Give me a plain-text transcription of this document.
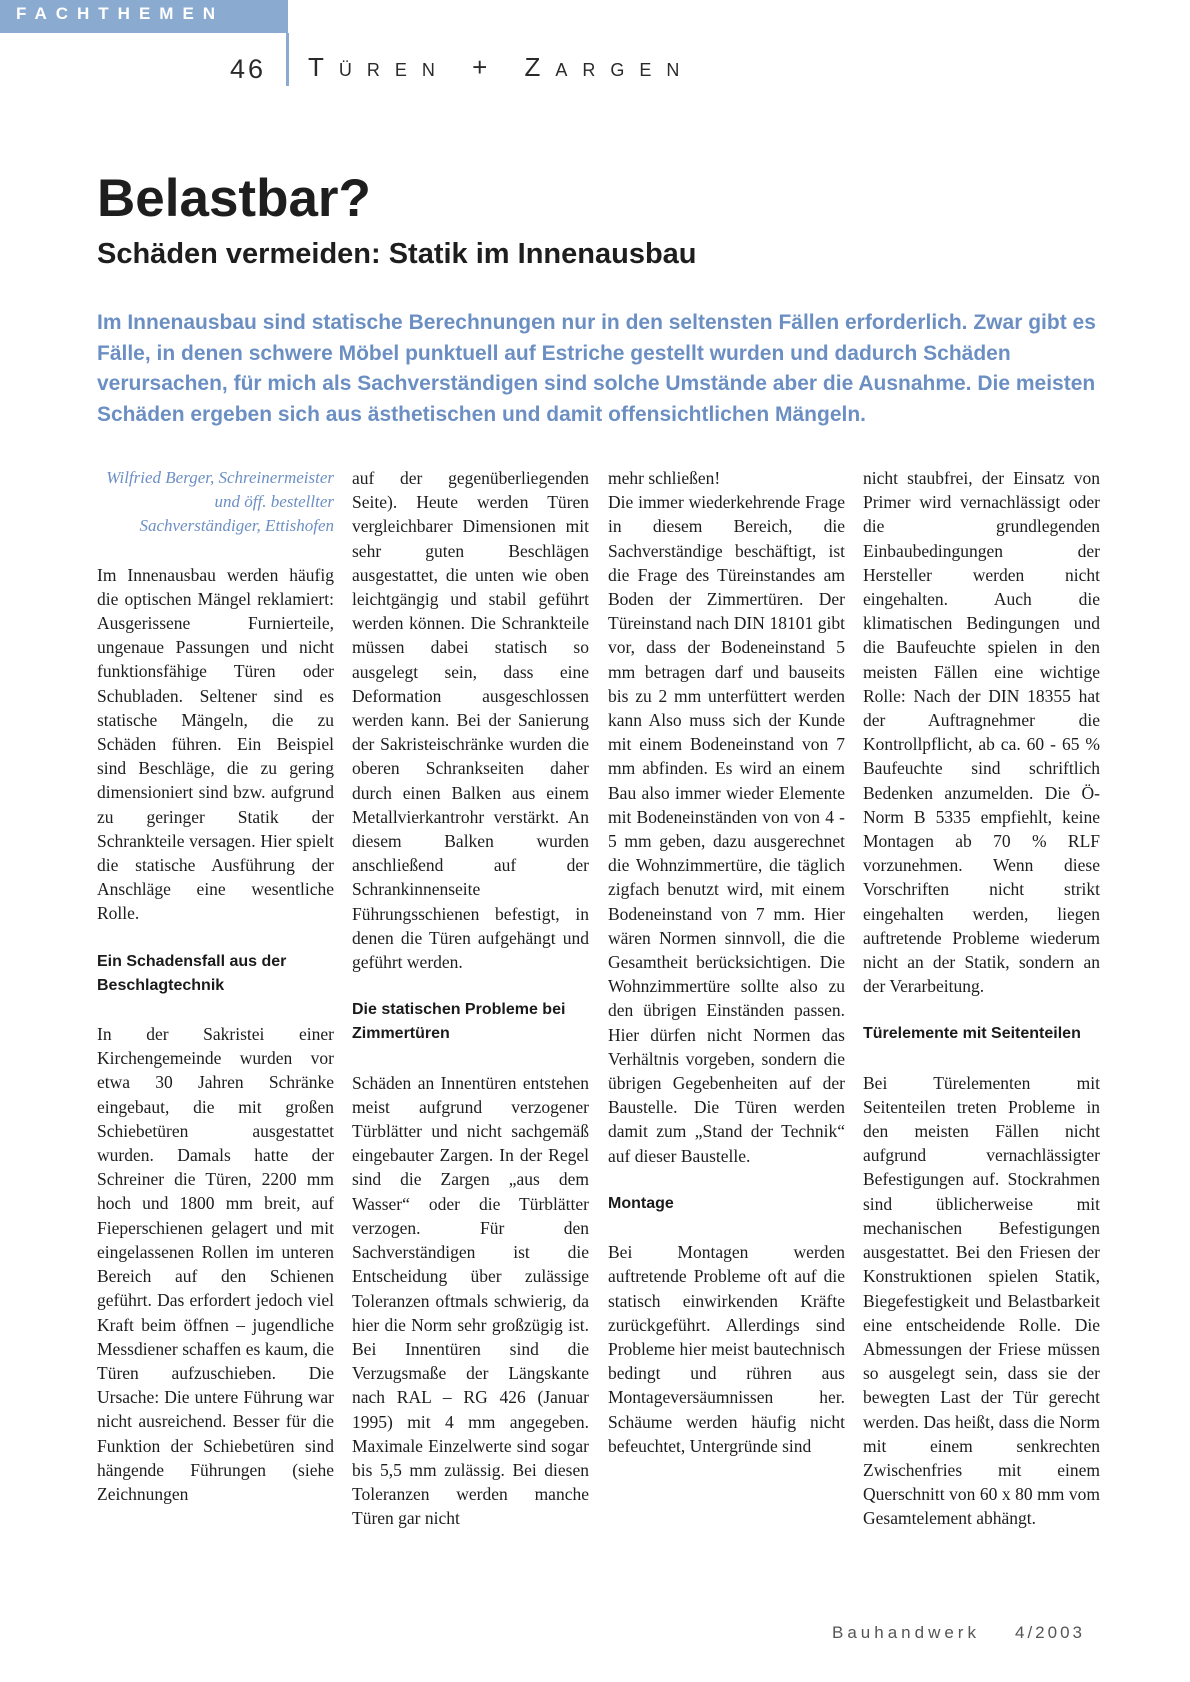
FACHTHEMEN
46 Türen + Zargen
Belastbar?
Schäden vermeiden: Statik im Innenausbau

Im Innenausbau sind statische Berechnungen nur in den seltensten Fällen erforderlich. Zwar gibt es Fälle, in denen schwere Möbel punktuell auf Estriche gestellt wurden und dadurch Schäden verursachen, für mich als Sachverständigen sind solche Umstände aber die Ausnahme. Die meisten Schäden ergeben sich aus ästhetischen und damit offensichtlichen Mängeln.

Wilfried Berger, Schreinermeister und öff. bestellter Sachverständiger, Ettishofen

Im Innenausbau werden häufig die optischen Mängel reklamiert: Ausgerissene Furnierteile, ungenaue Passungen und nicht funktionsfähige Türen oder Schubladen. Seltener sind es statische Mängeln, die zu Schäden führen. Ein Beispiel sind Beschläge, die zu gering dimensioniert sind bzw. aufgrund zu geringer Statik der Schrankteile versagen. Hier spielt die statische Ausführung der Anschläge eine wesentliche Rolle.

Ein Schadensfall aus der Beschlagtechnik

In der Sakristei einer Kirchengemeinde wurden vor etwa 30 Jahren Schränke eingebaut, die mit großen Schiebetüren ausgestattet wurden. Damals hatte der Schreiner die Türen, 2200 mm hoch und 1800 mm breit, auf Fieperschienen gelagert und mit eingelassenen Rollen im unteren Bereich auf den Schienen geführt. Das erfordert jedoch viel Kraft beim öffnen – jugendliche Messdiener schaffen es kaum, die Türen aufzuschieben. Die Ursache: Die untere Führung war nicht ausreichend. Besser für die Funktion der Schiebetüren sind hängende Führungen (siehe Zeichnungen

auf der gegenüberliegenden Seite). Heute werden Türen vergleichbarer Dimensionen mit sehr guten Beschlägen ausgestattet, die unten wie oben leichtgängig und stabil geführt werden können. Die Schrankteile müssen dabei statisch so ausgelegt sein, dass eine Deformation ausgeschlossen werden kann. Bei der Sanierung der Sakristeischränke wurden die oberen Schrankseiten daher durch einen Balken aus einem Metallvierkantrohr verstärkt. An diesem Balken wurden anschließend auf der Schrankinnenseite Führungsschienen befestigt, in denen die Türen aufgehängt und geführt werden.

Die statischen Probleme bei Zimmertüren

Schäden an Innentüren entstehen meist aufgrund verzogener Türblätter und nicht sachgemäß eingebauter Zargen. In der Regel sind die Zargen „aus dem Wasser“ oder die Türblätter verzogen. Für den Sachverständigen ist die Entscheidung über zulässige Toleranzen oftmals schwierig, da hier die Norm sehr großzügig ist. Bei Innentüren sind die Verzugsmaße der Längskante nach RAL – RG 426 (Januar 1995) mit 4 mm angegeben. Maximale Einzelwerte sind sogar bis 5,5 mm zulässig. Bei diesen Toleranzen werden manche Türen gar nicht

mehr schließen!

Die immer wiederkehrende Frage in diesem Bereich, die Sachverständige beschäftigt, ist die Frage des Türeinstandes am Boden der Zimmertüren. Der Türeinstand nach DIN 18101 gibt vor, dass der Bodeneinstand 5 mm betragen darf und bauseits bis zu 2 mm unterfüttert werden kann Also muss sich der Kunde mit einem Bodeneinstand von 7 mm abfinden. Es wird an einem Bau also immer wieder Elemente mit Bodeneinständen von von 4 - 5 mm geben, dazu ausgerechnet die Wohnzimmertüre, die täglich zigfach benutzt wird, mit einem Bodeneinstand von 7 mm. Hier wären Normen sinnvoll, die die Gesamtheit berücksichtigen. Die Wohnzimmertüre sollte also zu den übrigen Einständen passen. Hier dürfen nicht Normen das Verhältnis vorgeben, sondern die übrigen Gegebenheiten auf der Baustelle. Die Türen werden damit zum „Stand der Technik“ auf dieser Baustelle.

Montage

Bei Montagen werden auftretende Probleme oft auf die statisch einwirkenden Kräfte zurückgeführt. Allerdings sind Probleme hier meist bautechnisch bedingt und rühren aus Montageversäumnissen her. Schäume werden häufig nicht befeuchtet, Untergründe sind

nicht staubfrei, der Einsatz von Primer wird vernachlässigt oder die grundlegenden Einbaubedingungen der Hersteller werden nicht eingehalten. Auch die klimatischen Bedingungen und die Baufeuchte spielen in den meisten Fällen eine wichtige Rolle: Nach der DIN 18355 hat der Auftragnehmer die Kontrollpflicht, ab ca. 60 - 65 % Baufeuchte sind schriftlich Bedenken anzumelden. Die Ö-Norm B 5335 empfiehlt, keine Montagen ab 70 % RLF vorzunehmen. Wenn diese Vorschriften nicht strikt eingehalten werden, liegen auftretende Probleme wiederum nicht an der Statik, sondern an der Verarbeitung.

Türelemente mit Seitenteilen

Bei Türelementen mit Seitenteilen treten Probleme in den meisten Fällen nicht aufgrund vernachlässigter Befestigungen auf. Stockrahmen sind üblicherweise mit mechanischen Befestigungen ausgestattet. Bei den Friesen der Konstruktionen spielen Statik, Biegefestigkeit und Belastbarkeit eine entscheidende Rolle. Die Abmessungen der Friese müssen so ausgelegt sein, dass sie der bewegten Last der Tür gerecht werden. Das heißt, dass die Norm mit einem senkrechten Zwischenfries mit einem Querschnitt von 60 x 80 mm vom Gesamtelement abhängt.

Bauhandwerk 4/2003
